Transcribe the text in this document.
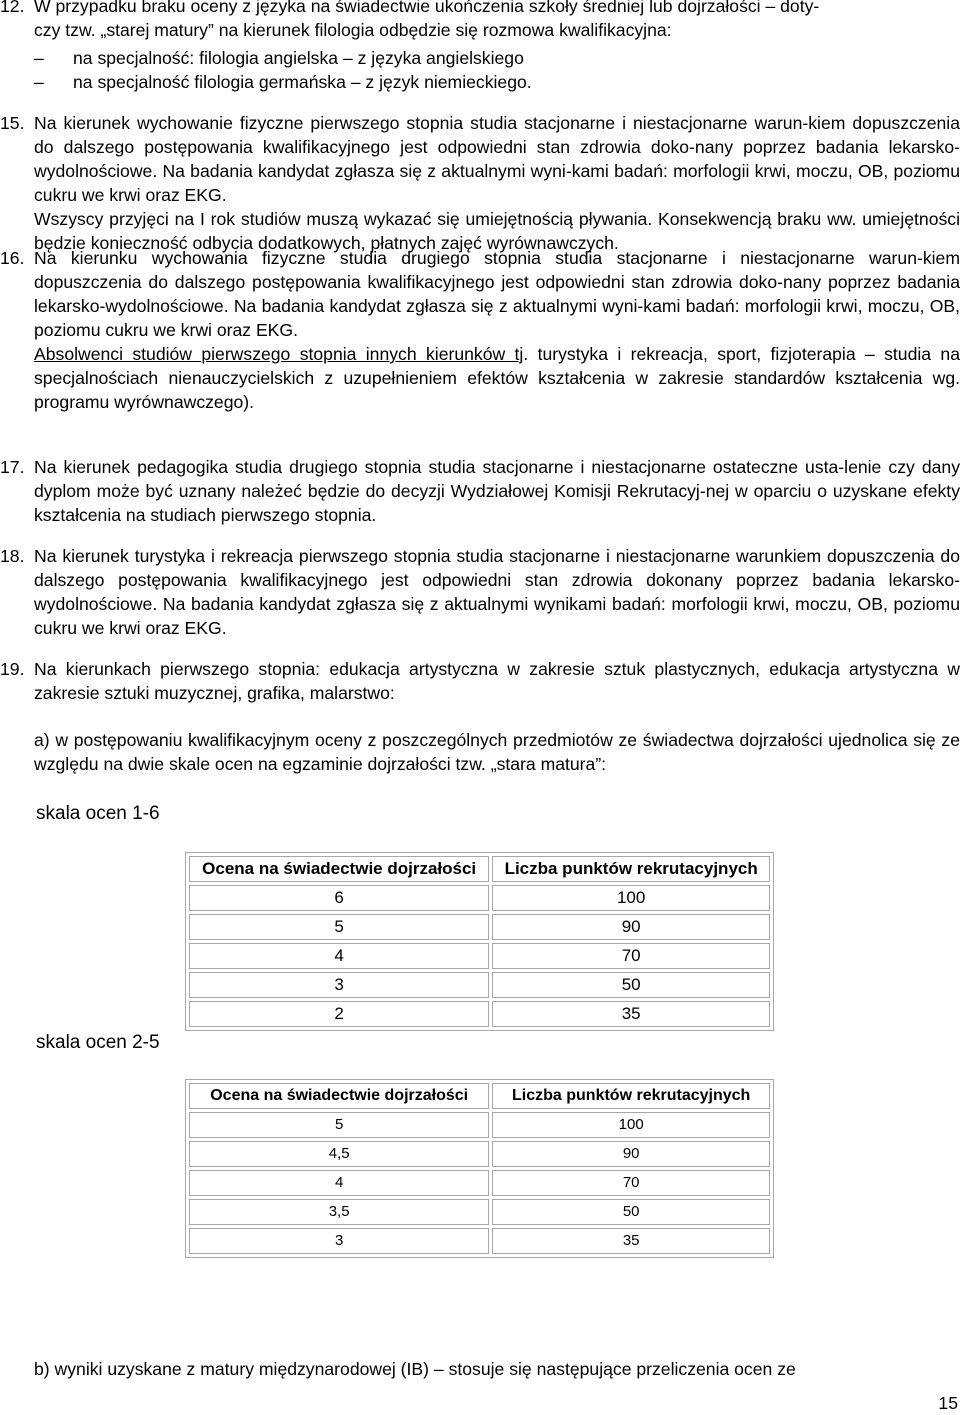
12. W przypadku braku oceny z języka na świadectwie ukończenia szkoły średniej lub dojrzałości – doty-
czy tzw. „starej matury” na kierunek filologia odbędzie się rozmowa kwalifikacyjna:
– na specjalność: filologia angielska – z języka angielskiego
– na specjalność filologia germańska – z język niemieckiego.
15. Na kierunek wychowanie fizyczne pierwszego stopnia studia stacjonarne i niestacjonarne warun-kiem dopuszczenia do dalszego postępowania kwalifikacyjnego jest odpowiedni stan zdrowia doko-nany poprzez badania lekarsko-wydolnościowe. Na badania kandydat zgłasza się z aktualnymi wyni-kami badań: morfologii krwi, moczu, OB, poziomu cukru we krwi oraz EKG.
Wszyscy przyjęci na I rok studiów muszą wykazać się umiejętnością pływania. Konsekwencją braku ww. umiejętności będzie konieczność odbycia dodatkowych, płatnych zajęć wyrównawczych.
16. Na kierunku wychowania fizyczne studia drugiego stopnia studia stacjonarne i niestacjonarne warun-kiem dopuszczenia do dalszego postępowania kwalifikacyjnego jest odpowiedni stan zdrowia doko-nany poprzez badania lekarsko-wydolnościowe. Na badania kandydat zgłasza się z aktualnymi wyni-kami badań: morfologii krwi, moczu, OB, poziomu cukru we krwi oraz EKG.
Absolwenci studiów pierwszego stopnia innych kierunków tj. turystyka i rekreacja, sport, fizjoterapia – studia na specjalnościach nienauczycielskich z uzupełnieniem efektów kształcenia w zakresie standardów kształcenia wg. programu wyrównawczego).
17. Na kierunek pedagogika studia drugiego stopnia studia stacjonarne i niestacjonarne ostateczne usta-lenie czy dany dyplom może być uznany należeć będzie do decyzji Wydziałowej Komisji Rekrutacyj-nej w oparciu o uzyskane efekty kształcenia na studiach pierwszego stopnia.
18. Na kierunek turystyka i rekreacja pierwszego stopnia studia stacjonarne i niestacjonarne warunkiem dopuszczenia do dalszego postępowania kwalifikacyjnego jest odpowiedni stan zdrowia dokonany poprzez badania lekarsko-wydolnościowe. Na badania kandydat zgłasza się z aktualnymi wynikami badań: morfologii krwi, moczu, OB, poziomu cukru we krwi oraz EKG.
19. Na kierunkach pierwszego stopnia: edukacja artystyczna w zakresie sztuk plastycznych, edukacja artystyczna w zakresie sztuki muzycznej, grafika, malarstwo:
a) w postępowaniu kwalifikacyjnym oceny z poszczególnych przedmiotów ze świadectwa dojrzałości ujednolica się ze względu na dwie skale ocen na egzaminie dojrzałości tzw. „stara matura”:
skala ocen 1-6
Ocena na świadectwie dojrzałości	Liczba punktów rekrutacyjnych
6	100
5	90
4	70
3	50
2	35
skala ocen 2-5
Ocena na świadectwie dojrzałości	Liczba punktów rekrutacyjnych
5	100
4,5	90
4	70
3,5	50
3	35
b) wyniki uzyskane z matury międzynarodowej (IB) – stosuje się następujące przeliczenia ocen ze
15
